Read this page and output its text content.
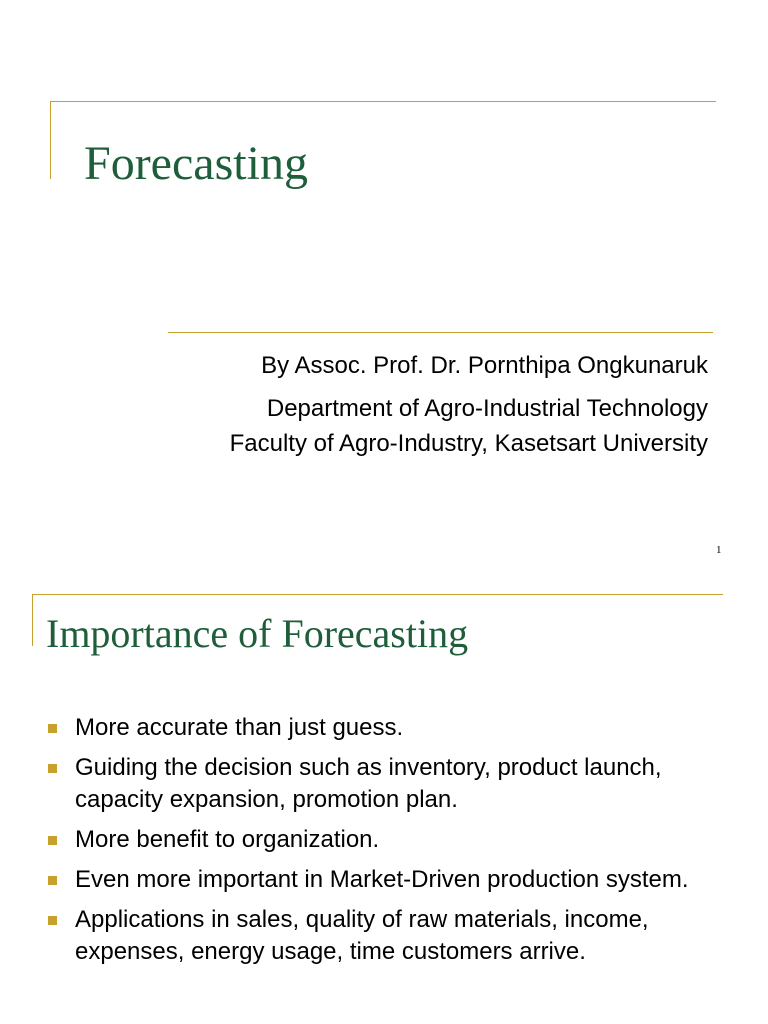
Forecasting
By Assoc. Prof. Dr. Pornthipa Ongkunaruk
Department of Agro-Industrial Technology
Faculty of Agro-Industry, Kasetsart University
1
Importance of Forecasting
More accurate than just guess.
Guiding the decision such as inventory, product launch, capacity expansion, promotion plan.
More benefit to organization.
Even more important in Market-Driven production system.
Applications in sales, quality of raw materials, income, expenses, energy usage, time customers arrive.
